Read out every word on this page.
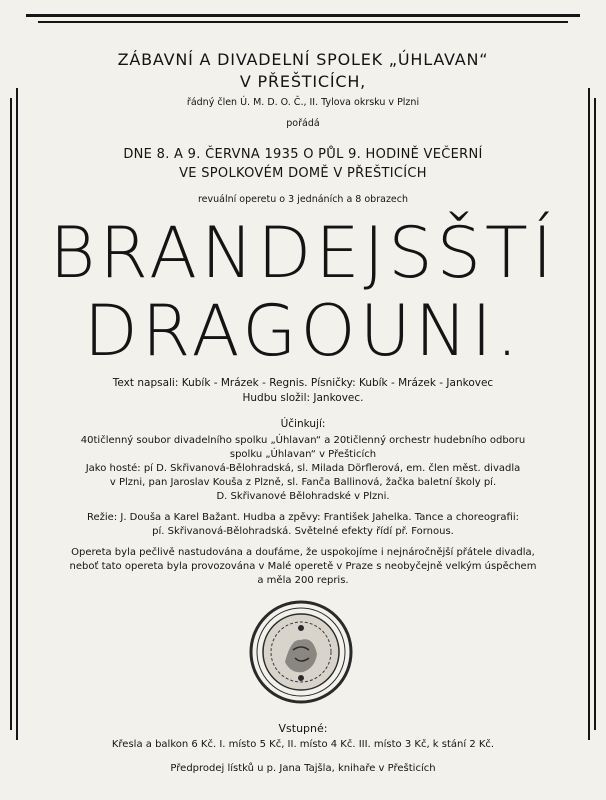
ZÁBAVNÍ A DIVADELNÍ SPOLEK „ÚHLAVAN“
V PŘEŠTICÍCH,
řádný člen Ú. M. D. O. Č., II. Tylova okrsku v Plzni
pořádá
DNE 8. A 9. ČERVNA 1935 O PŮL 9. HODINĚ VEČERNÍ
VE SPOLKOVÉM DOMĚ V PŘEŠTICÍCH
revuální operetu o 3 jednáních a 8 obrazech
BRANDEJSŠTÍ
DRAGOUNI.
Text napsali: Kubík - Mrázek - Regnis. Písničky: Kubík - Mrázek - Jankovec
Hudbu složil: Jankovec.
Účinkují:
40tičlenný soubor divadelního spolku „Úhlavan“ a 20tičlenný orchestr hudebního odboru
spolku „Úhlavan“ v Přešticích
Jako hosté: pí D. Skřivanová-Bělohradská, sl. Milada Dörflerová, em. člen měst. divadla
v Plzni, pan Jaroslav Kouša z Plzně, sl. Fanča Ballinová, žačka baletní školy pí.
D. Skřivanové Bělohradské v Plzni.
Režie: J. Douša a Karel Bažant. Hudba a zpěvy: František Jahelka. Tance a choreografii:
pí. Skřivanová-Bělohradská. Světelné efekty řídí př. Fornous.
Opereta byla pečlivě nastudována a doufáme, že uspokojíme i nejnáročnější přátele divadla,
neboť tato opereta byla provozována v Malé operetě v Praze s neobyčejně velkým úspěchem
a měla 200 repris.
Vstupné:
Křesla a balkon 6 Kč. I. místo 5 Kč, II. místo 4 Kč. III. místo 3 Kč, k stání 2 Kč.
Předprodej lístků u p. Jana Tajšla, knihaře v Přešticích
